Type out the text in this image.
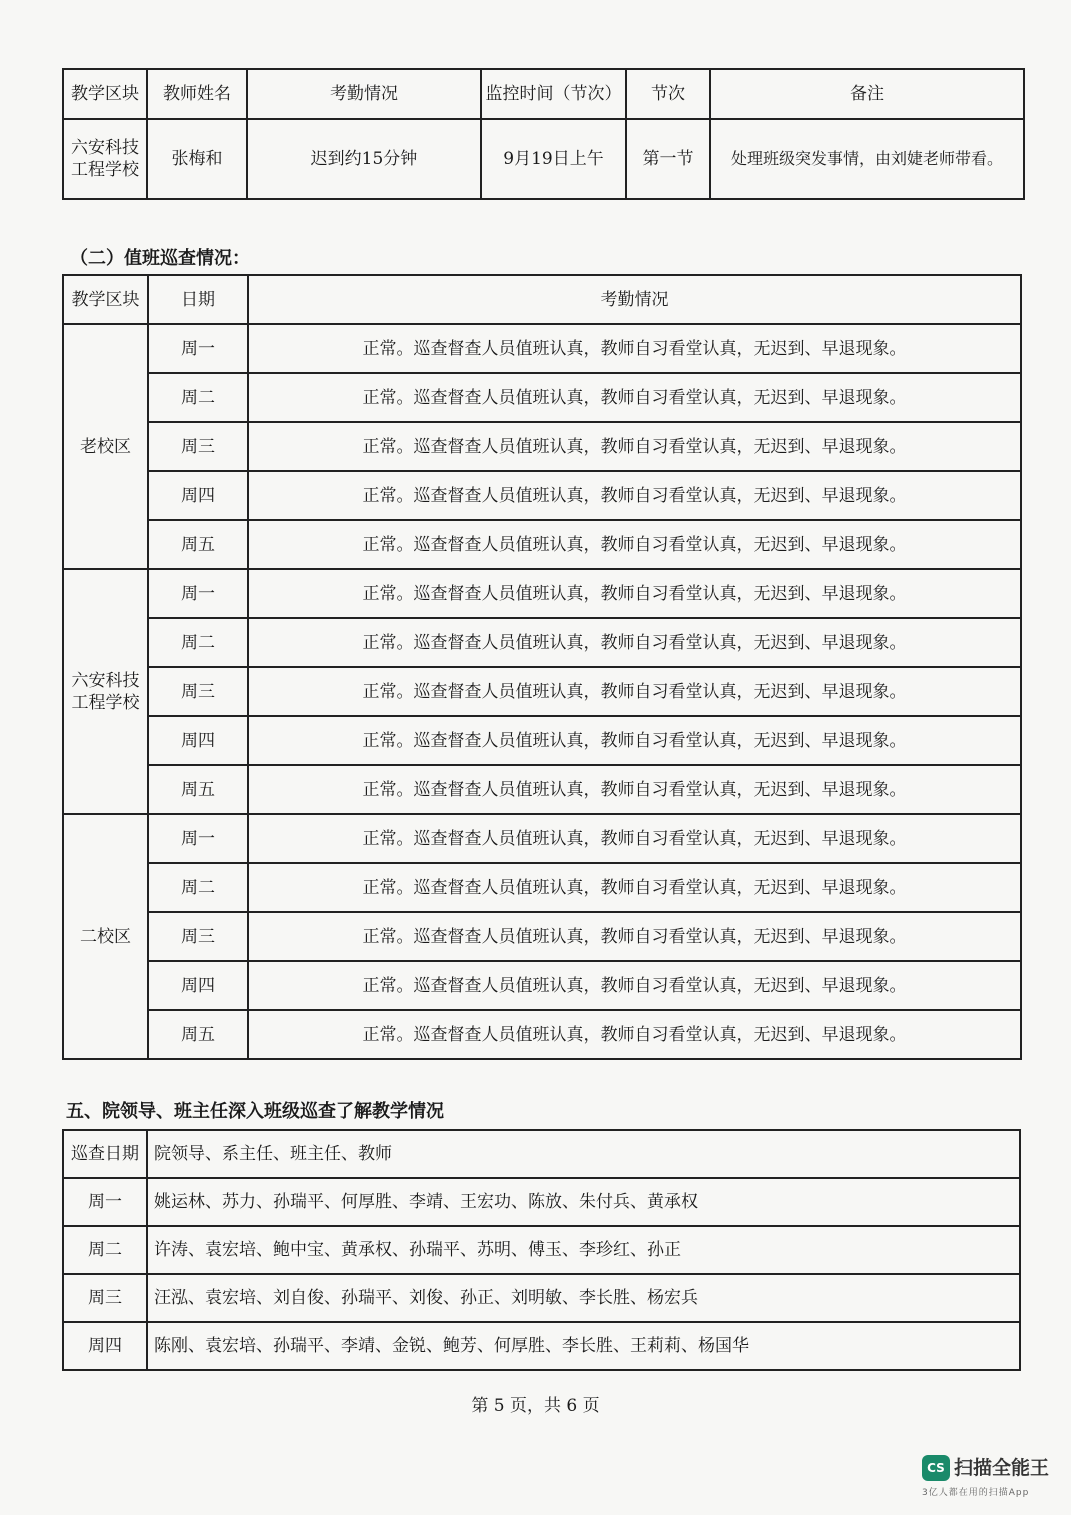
教学区块	教师姓名	考勤情况	监控时间（节次）	节次	备注
六安科技工程学校	张梅和	迟到约15分钟	9月19日上午	第一节	处理班级突发事情，由刘婕老师带看。
（二）值班巡查情况：
教学区块	日期	考勤情况
老校区	周一	正常。巡查督查人员值班认真，教师自习看堂认真，无迟到、早退现象。
	周二	正常。巡查督查人员值班认真，教师自习看堂认真，无迟到、早退现象。
	周三	正常。巡查督查人员值班认真，教师自习看堂认真，无迟到、早退现象。
	周四	正常。巡查督查人员值班认真，教师自习看堂认真，无迟到、早退现象。
	周五	正常。巡查督查人员值班认真，教师自习看堂认真，无迟到、早退现象。
六安科技工程学校	周一	正常。巡查督查人员值班认真，教师自习看堂认真，无迟到、早退现象。
	周二	正常。巡查督查人员值班认真，教师自习看堂认真，无迟到、早退现象。
	周三	正常。巡查督查人员值班认真，教师自习看堂认真，无迟到、早退现象。
	周四	正常。巡查督查人员值班认真，教师自习看堂认真，无迟到、早退现象。
	周五	正常。巡查督查人员值班认真，教师自习看堂认真，无迟到、早退现象。
二校区	周一	正常。巡查督查人员值班认真，教师自习看堂认真，无迟到、早退现象。
	周二	正常。巡查督查人员值班认真，教师自习看堂认真，无迟到、早退现象。
	周三	正常。巡查督查人员值班认真，教师自习看堂认真，无迟到、早退现象。
	周四	正常。巡查督查人员值班认真，教师自习看堂认真，无迟到、早退现象。
	周五	正常。巡查督查人员值班认真，教师自习看堂认真，无迟到、早退现象。
五、院领导、班主任深入班级巡查了解教学情况
巡查日期	院领导、系主任、班主任、教师
周一	姚运林、苏力、孙瑞平、何厚胜、李靖、王宏功、陈放、朱付兵、黄承权
周二	许涛、袁宏培、鲍中宝、黄承权、孙瑞平、苏明、傅玉、李珍红、孙正
周三	汪泓、袁宏培、刘自俊、孙瑞平、刘俊、孙正、刘明敏、李长胜、杨宏兵
周四	陈刚、袁宏培、孙瑞平、李靖、金锐、鲍芳、何厚胜、李长胜、王莉莉、杨国华
第 5 页，共 6 页
CS 扫描全能王
3亿人都在用的扫描App
